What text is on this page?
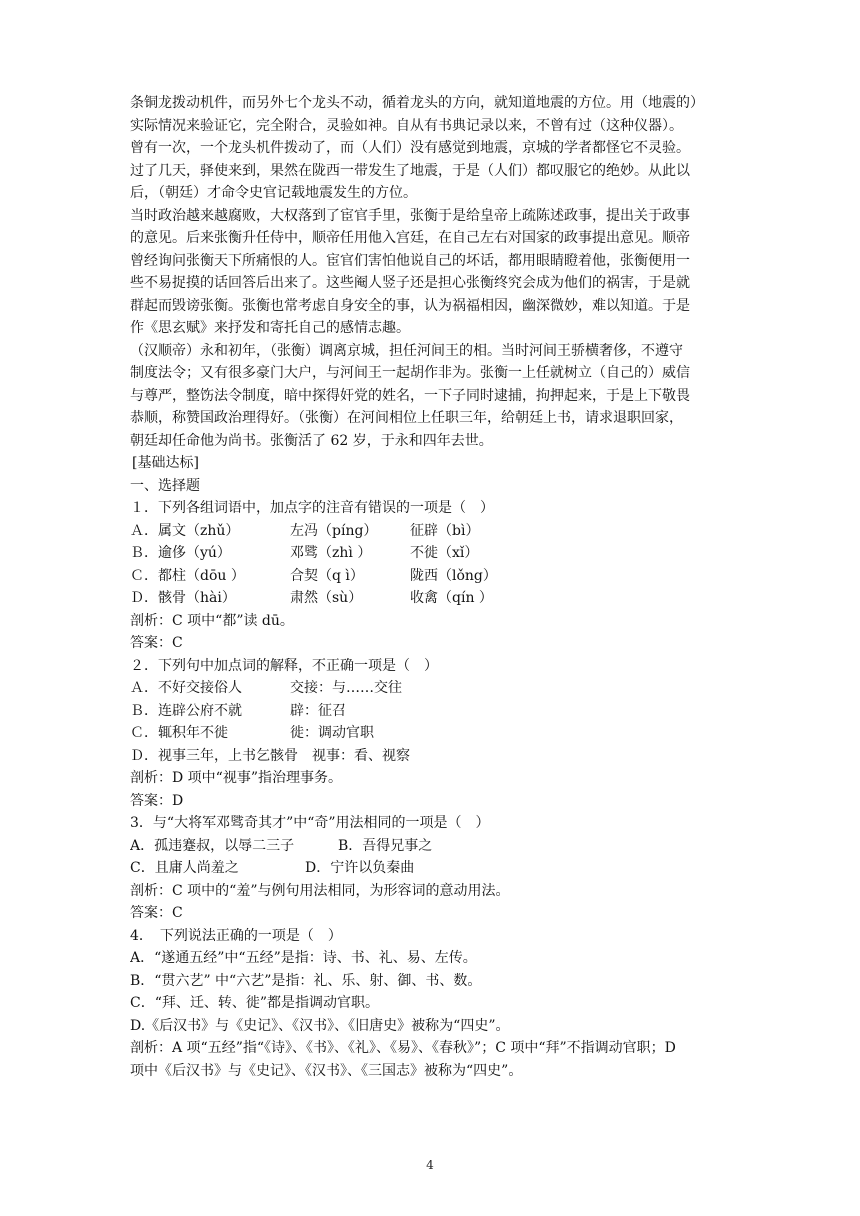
条铜龙拨动机件，而另外七个龙头不动，循着龙头的方向，就知道地震的方位。用（地震的）
实际情况来验证它，完全附合，灵验如神。自从有书典记录以来，不曾有过（这种仪器）。
曾有一次，一个龙头机件拨动了，而（人们）没有感觉到地震，京城的学者都怪它不灵验。
过了几天，驿使来到，果然在陇西一带发生了地震，于是（人们）都叹服它的绝妙。从此以
后，（朝廷）才命令史官记载地震发生的方位。
当时政治越来越腐败，大权落到了宦官手里，张衡于是给皇帝上疏陈述政事，提出关于政事
的意见。后来张衡升任侍中，顺帝任用他入宫廷，在自己左右对国家的政事提出意见。顺帝
曾经询问张衡天下所痛恨的人。宦官们害怕他说自己的坏话，都用眼睛瞪着他，张衡便用一
些不易捉摸的话回答后出来了。这些阉人竖子还是担心张衡终究会成为他们的祸害，于是就
群起而毁谤张衡。张衡也常考虑自身安全的事，认为祸福相因，幽深微妙，难以知道。于是
作《思玄赋》来抒发和寄托自己的感情志趣。
（汉顺帝）永和初年，（张衡）调离京城，担任河间王的相。当时河间王骄横奢侈，不遵守
制度法令；又有很多豪门大户，与河间王一起胡作非为。张衡一上任就树立（自己的）威信
与尊严，整饬法令制度，暗中探得奸党的姓名，一下子同时逮捕，拘押起来，于是上下敬畏
恭顺，称赞国政治理得好。（张衡）在河间相位上任职三年，给朝廷上书，请求退职回家，
朝廷却任命他为尚书。张衡活了 62 岁，于永和四年去世。
[基础达标]
一、选择题
１．下列各组词语中，加点字的注音有错误的一项是（　）
Ａ．属文（zhǔ）	左冯（píng）	征辟（bì）
Ｂ．逾侈（yú）	邓骘（zhì ）	不徙（xǐ）
Ｃ．都柱（dōu ）	合契（q ì）	陇西（lǒng）
Ｄ．骸骨（hài）	肃然（sù）	收禽（qín ）
剖析：C 项中“都”读 dū。
答案：C
２．下列句中加点词的解释，不正确一项是（　）
Ａ．不好交接俗人	交接：与……交往
Ｂ．连辟公府不就	辟：征召
Ｃ．辄积年不徙	徙：调动官职
Ｄ．视事三年，上书乞骸骨 视事：看、视察
剖析：D 项中“视事”指治理事务。
答案：D
3．与“大将军邓骘奇其才”中“奇”用法相同的一项是（　）
A．孤违蹇叔，以辱二三子	B．吾得兄事之
C．且庸人尚羞之	D．宁许以负秦曲
剖析：C 项中的“羞”与例句用法相同，为形容词的意动用法。
答案：C
4．　下列说法正确的一项是（　）
A．“遂通五经”中“五经”是指：诗、书、礼、易、左传。
B．“贯六艺” 中“六艺”是指：礼、乐、射、御、书、数。
C．“拜、迁、转、徙”都是指调动官职。
D.《后汉书》与《史记》、《汉书》、《旧唐史》被称为“四史”。
剖析：A 项“五经”指“《诗》、《书》、《礼》、《易》、《春秋》”；C 项中“拜”不指调动官职；D
项中《后汉书》与《史记》、《汉书》、《三国志》被称为“四史”。
4
